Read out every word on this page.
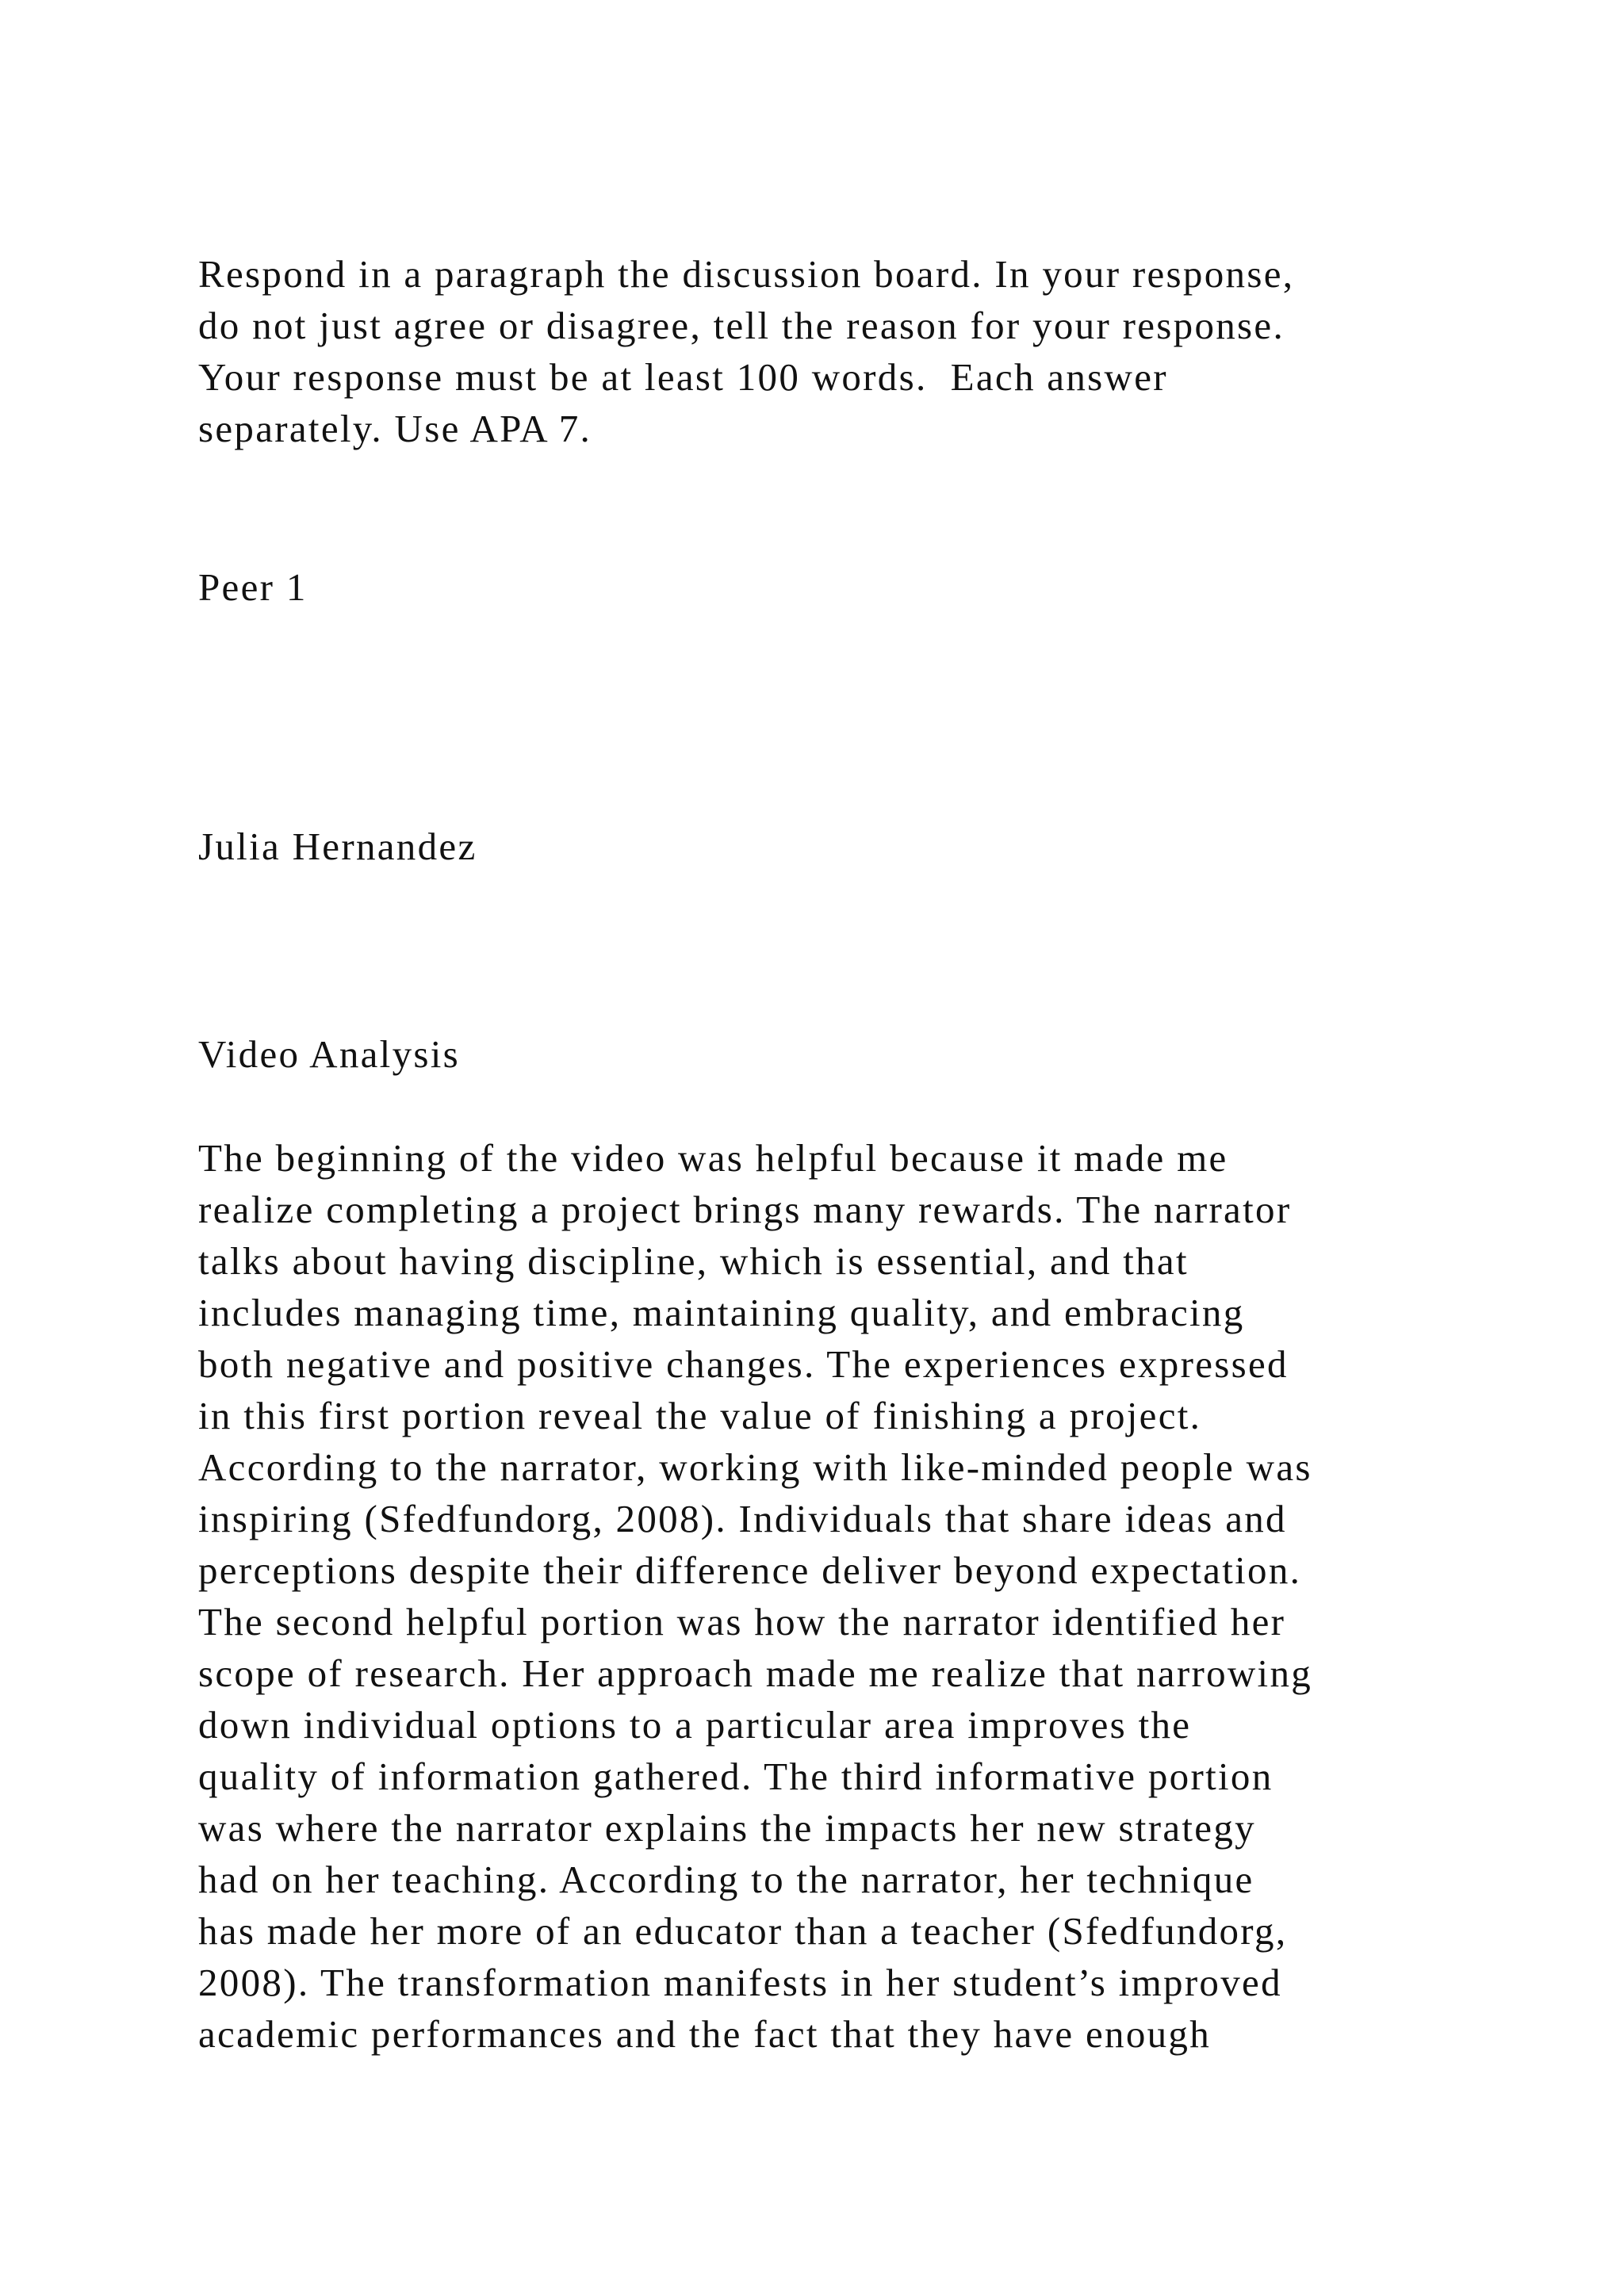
Respond in a paragraph the discussion board. In your response,

do not just agree or disagree, tell the reason for your response.

Your response must be at least 100 words.  Each answer

separately. Use APA 7.

Peer 1

Julia Hernandez

Video Analysis

The beginning of the video was helpful because it made me

realize completing a project brings many rewards. The narrator

talks about having discipline, which is essential, and that

includes managing time, maintaining quality, and embracing

both negative and positive changes. The experiences expressed

in this first portion reveal the value of finishing a project.

According to the narrator, working with like-minded people was

inspiring (Sfedfundorg, 2008). Individuals that share ideas and

perceptions despite their difference deliver beyond expectation.

The second helpful portion was how the narrator identified her

scope of research. Her approach made me realize that narrowing

down individual options to a particular area improves the

quality of information gathered. The third informative portion

was where the narrator explains the impacts her new strategy

had on her teaching. According to the narrator, her technique

has made her more of an educator than a teacher (Sfedfundorg,

2008). The transformation manifests in her student’s improved

academic performances and the fact that they have enough
